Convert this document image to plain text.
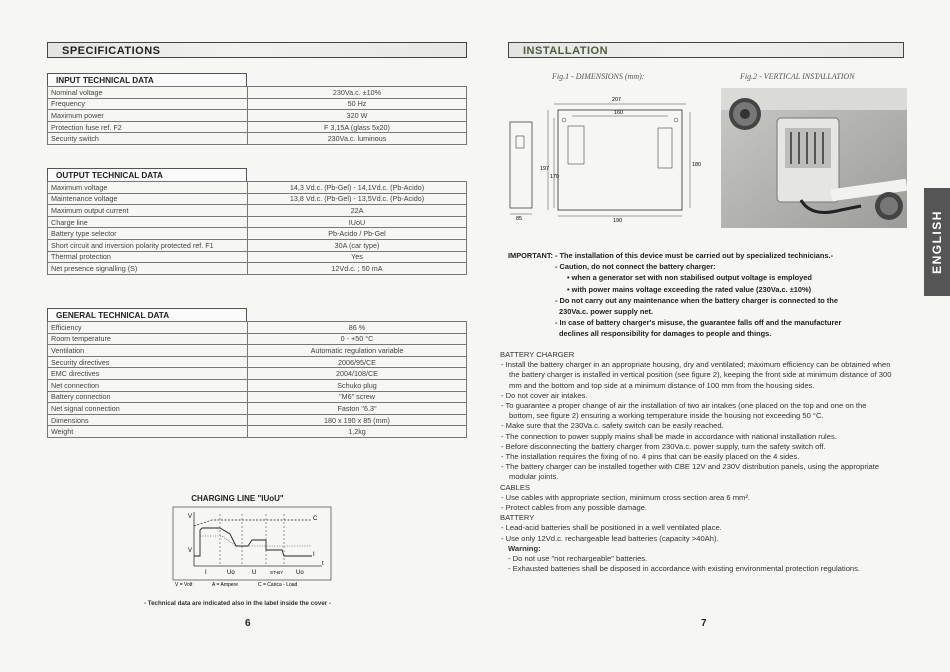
SPECIFICATIONS
INPUT TECHNICAL DATA
Nominal voltage	230Va.c. ±10%
Frequency	50 Hz
Maximum power	320 W
Protection fuse ref. F2	F 3,15A (glass 5x20)
Security switch	230Va.c. luminous
OUTPUT TECHNICAL DATA
Maximum voltage	14,3 Vd.c. (Pb-Gel) - 14,1Vd.c. (Pb-Acido)
Maintenance voltage	13,8 Vd.c. (Pb-Gel) - 13,5Vd.c. (Pb-Acido)
Maximum output current	22A
Charge line	IUoU
Battery type selector	Pb-Acido / Pb-Gel
Short circuit and inversion polarity protected ref. F1	30A (car type)
Thermal protection	Yes
Net presence signalling (S)	12Vd.c. ; 50 mA
GENERAL TECHNICAL DATA
Efficiency	86 %
Room temperature	0 - +50 °C
Ventilation	Automatic regulation variable
Security directives	2006/95/CE
EMC directives	2004/108/CE
Net connection	Schuko plug
Battery connection	"M6" screw
Net signal connection	Faston "6.3"
Dimensions	180 x 190 x 85 (mm)
Weight	1,2kg
CHARGING LINE "IUoU"
V
V
C
I
t
I	Uo	U	ST-BY Uo
V = Volt	A = Ampere	C = Carica - Load
- Technical data are indicated also in the label inside the cover -
6
INSTALLATION
Fig.1 - DIMENSIONS (mm):	Fig.2 - VERTICAL INSTALLATION
85
207
160
197
170
180
190
IMPORTANT: - The installation of this device must be carried out by specialized technicians.-
- Caution, do not connect the battery charger:
• when a generator set with non stabilised output voltage is employed
• with power mains voltage exceeding the rated value (230Va.c. ±10%)
- Do not carry out any maintenance when the battery charger is connected to the
230Va.c. power supply net.
- In case of battery charger's misuse, the guarantee falls off and the manufacturer
declines all responsibility for damages to people and things.

BATTERY CHARGER

- Install the battery charger in an appropriate housing, dry and ventilated; maximum efficiency can be obtained when the battery charger is installed in vertical position (see figure 2), keeping the front side at minimum distance of 300 mm and the bottom and top side at a minimum distance of 100 mm from the housing sides.

- Do not cover air intakes.

- To guarantee a proper change of air the installation of two air intakes (one placed on the top and one on the bottom, see figure 2) ensuring a working temperature inside the housing not exceeding 50 °C.

- Make sure that the 230Va.c. safety switch can be easily reached.

- The connection to power supply mains shall be made in accordance with national installation rules.

- Before disconnecting the battery charger from 230Va.c. power supply, turn the safety switch off.

- The installation requires the fixing of no. 4 pins that can be easily placed on the 4 sides.

- The battery charger can be installed together with CBE 12V and 230V distribution panels, using the appropriate modular joints.

CABLES

- Use cables with appropriate section, minimum cross section area 6 mm².

- Protect cables from any possible damage.

BATTERY

- Lead-acid batteries shall be positioned in a well ventilated place.

- Use only 12Vd.c. rechargeable lead batteries (capacity >40Ah).

Warning:

- Do not use "not rechargeable" batteries.

- Exhausted batteries shall be disposed in accordance with existing environmental protection regulations.

7
ENGLISH
